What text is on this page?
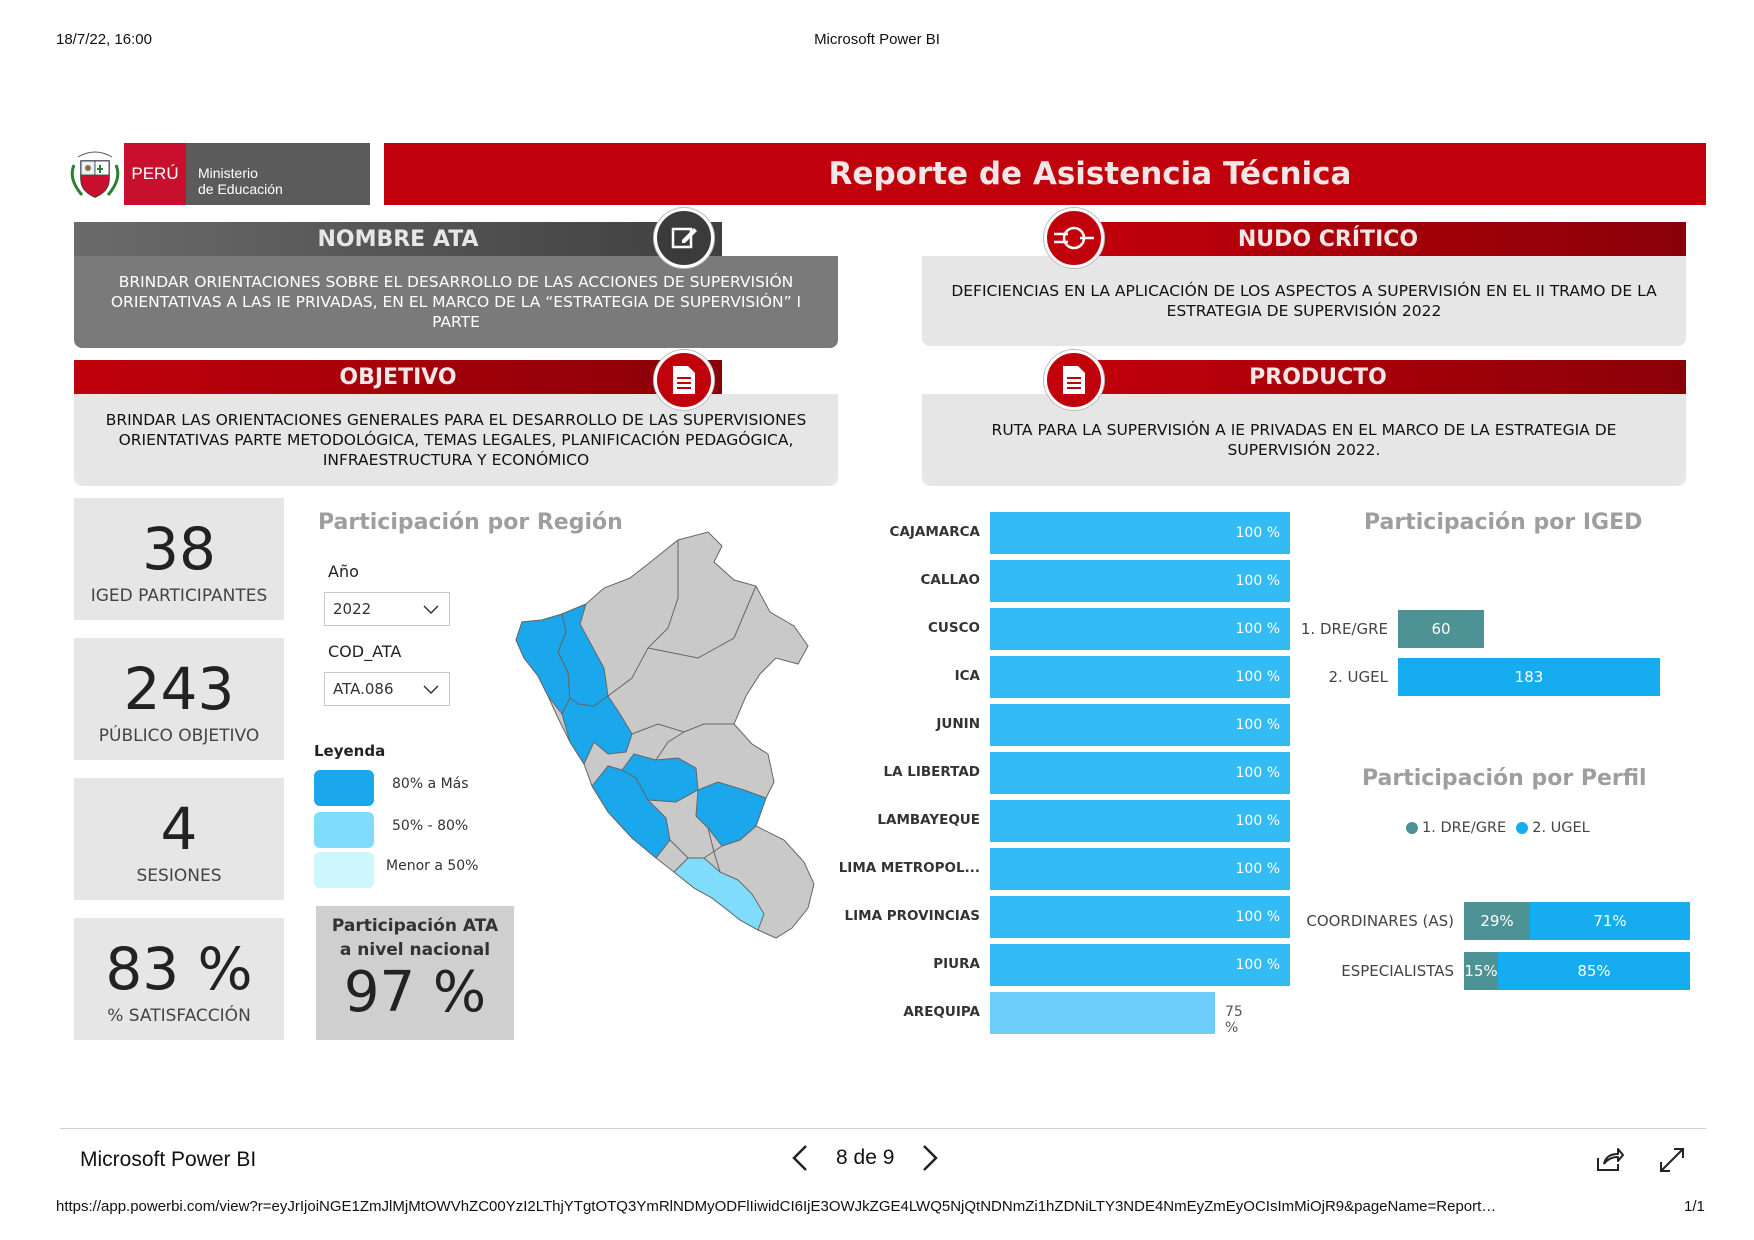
18/7/22, 16:00	Microsoft Power BI
PERÚ	Ministerio
de Educación	Reporte de Asistencia Técnica
NOMBRE ATA
BRINDAR ORIENTACIONES SOBRE EL DESARROLLO DE LAS ACCIONES DE SUPERVISIÓN ORIENTATIVAS A LAS IE PRIVADAS, EN EL MARCO DE LA “ESTRATEGIA DE SUPERVISIÓN” I PARTE
NUDO CRÍTICO
DEFICIENCIAS EN LA APLICACIÓN DE LOS ASPECTOS A SUPERVISIÓN EN EL II TRAMO DE LA ESTRATEGIA DE SUPERVISIÓN 2022
OBJETIVO
BRINDAR LAS ORIENTACIONES GENERALES PARA EL DESARROLLO DE LAS SUPERVISIONES ORIENTATIVAS PARTE METODOLÓGICA, TEMAS LEGALES, PLANIFICACIÓN PEDAGÓGICA, INFRAESTRUCTURA Y ECONÓMICO
PRODUCTO
RUTA PARA LA SUPERVISIÓN A IE PRIVADAS EN EL MARCO DE LA ESTRATEGIA DE SUPERVISIÓN 2022.
38
IGED PARTICIPANTES
243
PÚBLICO OBJETIVO
4
SESIONES
83 %
% SATISFACCIÓN
Participación por Región
Año
2022
COD_ATA
ATA.086
Leyenda
80% a Más
50% - 80%
Menor a 50%
Participación ATA
a nivel nacional
97 %
CAJAMARCA	100 %
CALLAO	100 %
CUSCO	100 %
ICA	100 %
JUNIN	100 %
LA LIBERTAD	100 %
LAMBAYEQUE	100 %
LIMA METROPOL...	100 %
LIMA PROVINCIAS	100 %
PIURA	100 %
AREQUIPA	75 %
Participación por IGED
1. DRE/GRE	60
2. UGEL	183
Participación por Perfil
1. DRE/GRE 2. UGEL
COORDINARES (AS)	29%	71%
ESPECIALISTAS 15%	85%
Microsoft Power BI	8 de 9
https://app.powerbi.com/view?r=eyJrIjoiNGE1ZmJlMjMtOWVhZC00YzI2LThjYTgtOTQ3YmRlNDMyODFlIiwidCI6IjE3OWJkZGE4LWQ5NjQtNDNmZi1hZDNiLTY3NDE4NmEyZmEyOCIsImMiOjR9&pageName=Report…	1/1
